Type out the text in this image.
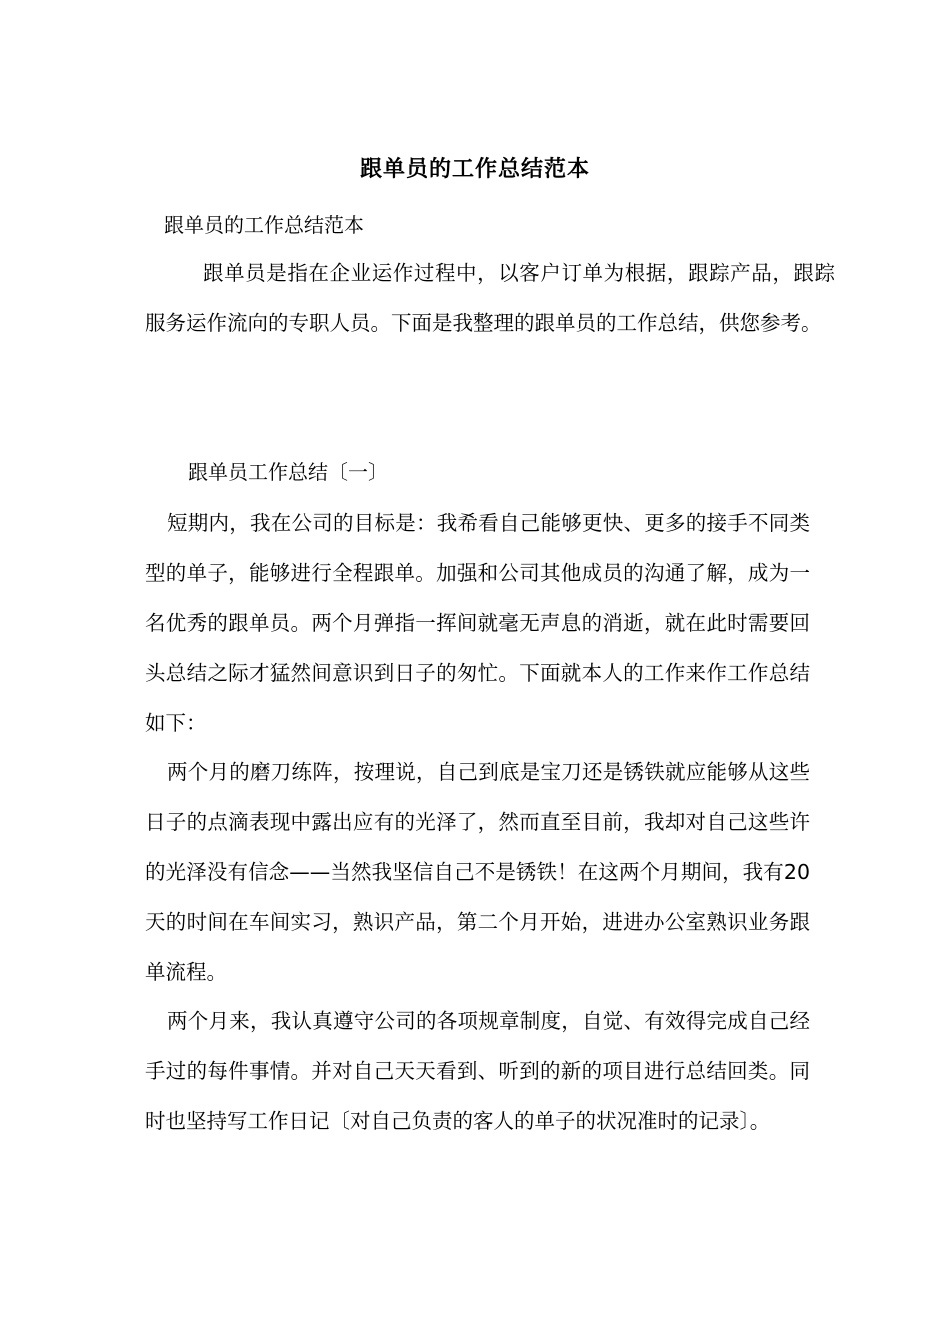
跟单员的工作总结范本
跟单员的工作总结范本

跟单员是指在企业运作过程中，以客户订单为根据，跟踪产品，跟踪服务运作流向的专职人员。下面是我整理的跟单员的工作总结，供您参考。

跟单员工作总结〔一〕

短期内，我在公司的目标是：我希看自己能够更快、更多的接手不同类型的单子，能够进行全程跟单。加强和公司其他成员的沟通了解，成为一名优秀的跟单员。两个月弹指一挥间就毫无声息的消逝，就在此时需要回头总结之际才猛然间意识到日子的匆忙。下面就本人的工作来作工作总结如下：

两个月的磨刀练阵，按理说，自己到底是宝刀还是锈铁就应能够从这些日子的点滴表现中露出应有的光泽了，然而直至目前，我却对自己这些许的光泽没有信念——当然我坚信自己不是锈铁！在这两个月期间，我有20天的时间在车间实习，熟识产品，第二个月开始，进进办公室熟识业务跟单流程。

两个月来，我认真遵守公司的各项规章制度，自觉、有效得完成自己经手过的每件事情。并对自己天天看到、听到的新的项目进行总结回类。同时也坚持写工作日记〔对自己负责的客人的单子的状况准时的记录〕。
